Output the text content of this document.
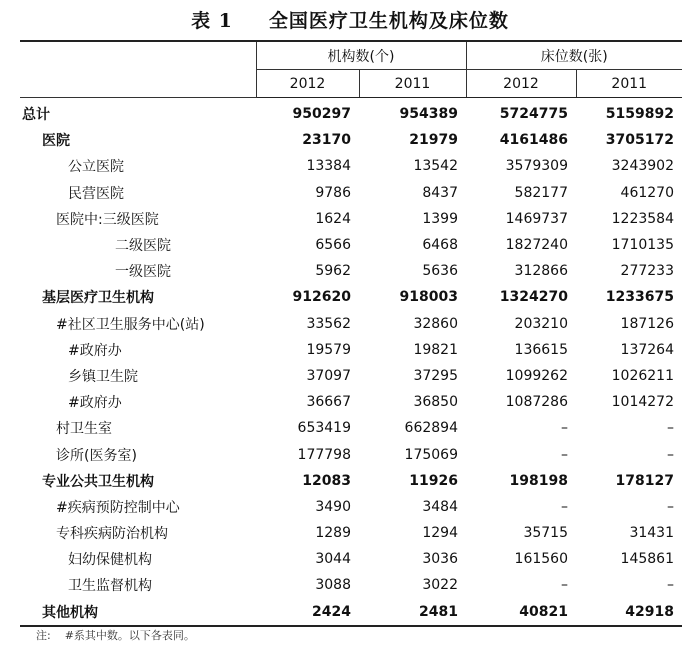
表 1 全国医疗卫生机构及床位数
	机构数(个)		床位数(张)	
	2012	2011	2012	2011
总计	950297	954389	5724775	5159892
医院	23170	21979	4161486	3705172
公立医院	13384	13542	3579309	3243902
民营医院	9786	8437	582177	461270
医院中:三级医院	1624	1399	1469737	1223584
二级医院	6566	6468	1827240	1710135
一级医院	5962	5636	312866	277233
基层医疗卫生机构	912620	918003	1324270	1233675
#社区卫生服务中心(站)	33562	32860	203210	187126
#政府办	19579	19821	136615	137264
乡镇卫生院	37097	37295	1099262	1026211
#政府办	36667	36850	1087286	1014272
村卫生室	653419	662894	–	–
诊所(医务室)	177798	175069	–	–
专业公共卫生机构	12083	11926	198198	178127
#疾病预防控制中心	3490	3484	–	–
专科疾病防治机构	1289	1294	35715	31431
妇幼保健机构	3044	3036	161560	145861
卫生监督机构	3088	3022	–	–
其他机构	2424	2481	40821	42918
注: #系其中数。以下各表同。
